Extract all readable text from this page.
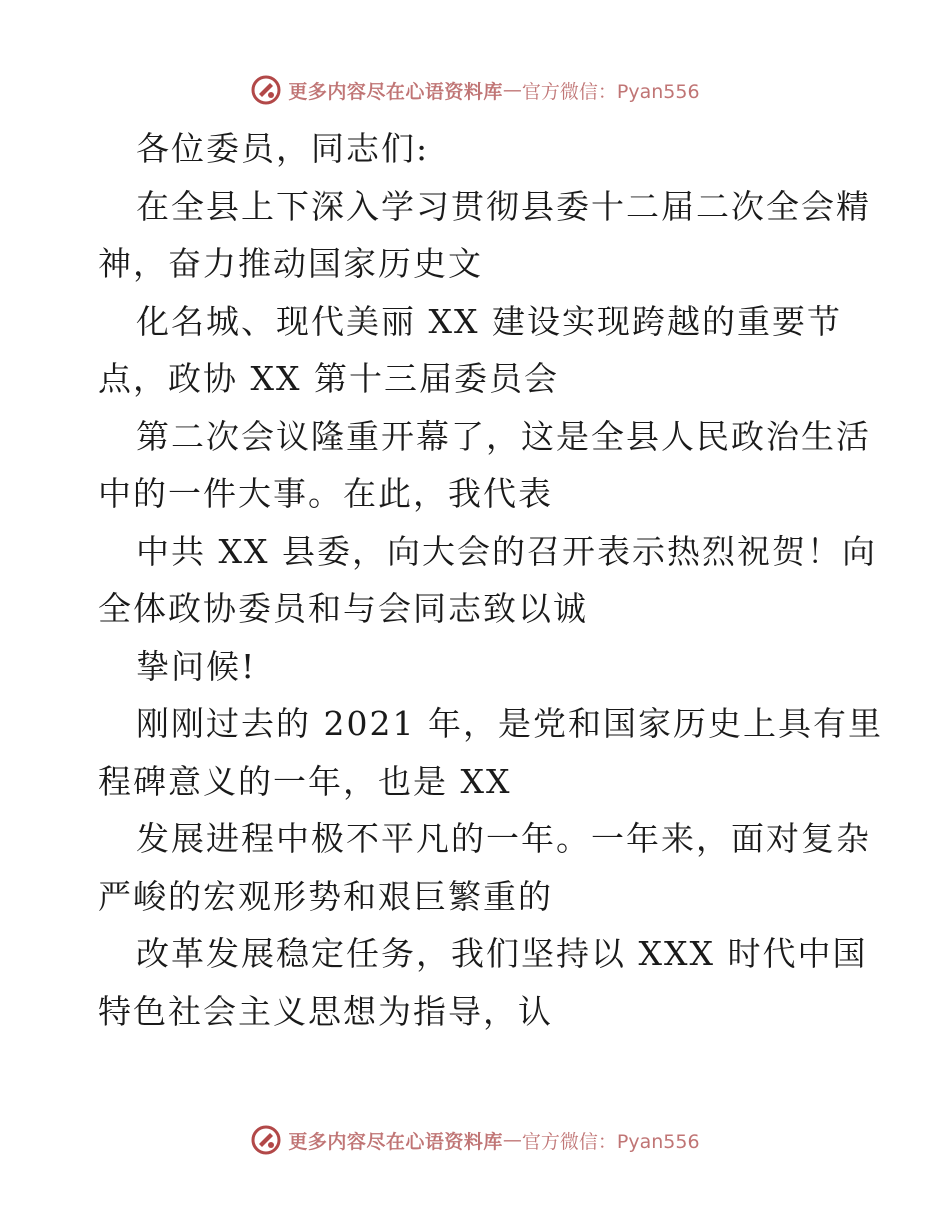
更多内容尽在心语资料库 — 官方微信：Pyan556
各位委员，同志们:
在全县上下深入学习贯彻县委十二届二次全会精
神，奋力推动国家历史文
化名城、现代美丽 XX 建设实现跨越的重要节
点，政协 XX 第十三届委员会
第二次会议隆重开幕了，这是全县人民政治生活
中的一件大事。在此，我代表
中共 XX 县委，向大会的召开表示热烈祝贺！向
全体政协委员和与会同志致以诚
挚问候!
刚刚过去的 2021 年，是党和国家历史上具有里
程碑意义的一年，也是 XX
发展进程中极不平凡的一年。一年来，面对复杂
严峻的宏观形势和艰巨繁重的
改革发展稳定任务，我们坚持以 XXX 时代中国
特色社会主义思想为指导，认
更多内容尽在心语资料库 — 官方微信：Pyan556
